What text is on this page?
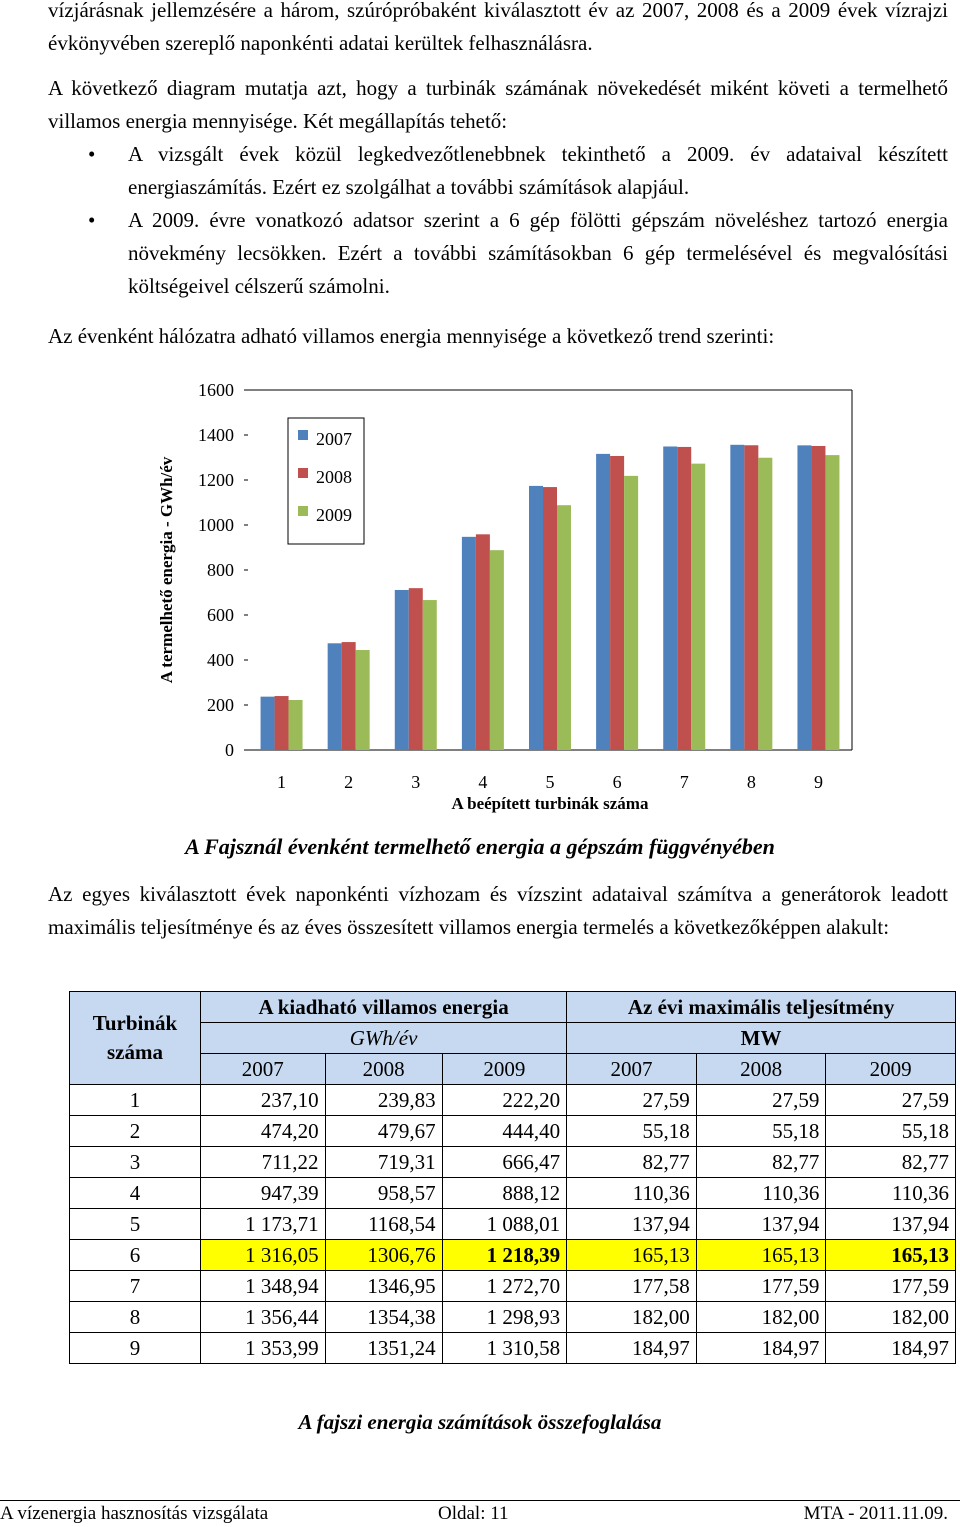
vízjárásnak jellemzésére a három, szúrópróbaként kiválasztott év az 2007, 2008 és a 2009 évek vízrajzi évkönyvében szereplő naponkénti adatai kerültek felhasználásra.
A következő diagram mutatja azt, hogy a turbinák számának növekedését miként követi a termelhető villamos energia mennyisége. Két megállapítás tehető:
• A vizsgált évek közül legkedvezőtlenebbnek tekinthető a 2009. év adataival készített energiaszámítás. Ezért ez szolgálhat a további számítások alapjául.
• A 2009. évre vonatkozó adatsor szerint a 6 gép fölötti gépszám növeléshez tartozó energia növekmény lecsökken. Ezért a további számításokban 6 gép termelésével és megvalósítási költségeivel célszerű számolni.
Az évenként hálózatra adható villamos energia mennyisége a következő trend szerinti:
0
200
400
600
800
1000
1200
1400
1600
1	2	3	4	5	6	7	8	9
A beépített turbinák száma
A termelhető energia - GWh/év
2007
2008
2009
A Fajsznál évenként termelhető energia a gépszám függvényében
Az egyes kiválasztott évek naponkénti vízhozam és vízszint adataival számítva a generátorok leadott maximális teljesítménye és az éves összesített villamos energia termelés a következőképpen alakult:
Turbinák száma	A kiadható villamos energia			Az évi maximális teljesítmény		
	GWh/év			MW		
	2007	2008	2009	2007	2008	2009
1	237,10	239,83	222,20	27,59	27,59	27,59
2	474,20	479,67	444,40	55,18	55,18	55,18
3	711,22	719,31	666,47	82,77	82,77	82,77
4	947,39	958,57	888,12	110,36	110,36	110,36
5	1 173,71	1168,54	1 088,01	137,94	137,94	137,94
6	1 316,05	1306,76	1 218,39	165,13	165,13	165,13
7	1 348,94	1346,95	1 272,70	177,58	177,59	177,59
8	1 356,44	1354,38	1 298,93	182,00	182,00	182,00
9	1 353,99	1351,24	1 310,58	184,97	184,97	184,97
A fajszi energia számítások összefoglalása
A vízenergia hasznosítás vizsgálata	Oldal: 11	MTA - 2011.11.09.
